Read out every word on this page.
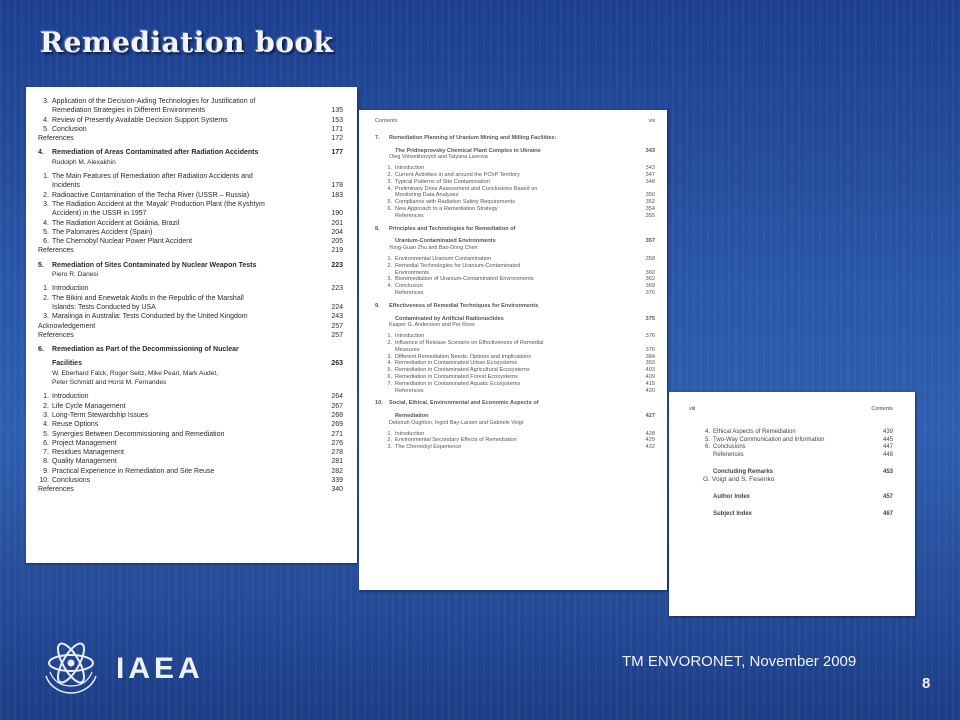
Remediation book
3. Application of the Decision-Aiding Technologies for Justification of
Remediation Strategies in Different Environments	135
4. Review of Presently Available Decision Support Systems	153
5. Conclusion	171
References	172
4.	Remediation of Areas Contaminated after Radiation Accidents	177
Rudolph M. Alexakhin
1. The Main Features of Remediation after Radiation Accidents and
Incidents	178
2. Radioactive Contamination of the Techa River (USSR – Russia)	183
3. The Radiation Accident at the 'Mayak' Production Plant (the Kyshtym
Accident) in the USSR in 1957	190
4. The Radiation Accident at Goiânia, Brazil	201
5. The Palomares Accident (Spain)	204
6. The Chernobyl Nuclear Power Plant Accident	205
References	219
5.	Remediation of Sites Contaminated by Nuclear Weapon Tests	223
Piero R. Danesi
1. Introduction	223
2. The Bikini and Enewetak Atolls in the Republic of the Marshall
Islands: Tests Conducted by USA	224
3. Maralinga in Australia: Tests Conducted by the United Kingdom	243
Acknowledgement	257
References	257
6.	Remediation as Part of the Decommissioning of Nuclear
Facilities	263
W. Eberhard Falck, Roger Seitz, Mike Pearl, Mark Audet,
Peter Schmidt and Horst M. Fernandes
1. Introduction	264
2. Life Cycle Management	267
3. Long-Term Stewardship Issues	268
4. Reuse Options	269
5. Synergies Between Decommissioning and Remediation	271
6. Project Management	276
7. Residues Management	278
8. Quality Management	281
9. Practical Experience in Remediation and Site Reuse	282
10. Conclusions	339
References	340
Contents	viii
7.	Remediation Planning of Uranium Mining and Milling Facilities:
The Pridneprovsky Chemical Plant Complex in Ukraine	343
Oleg Voitsekhovych and Tatyana Lavrova
1. Introduction	343
2. Current Activities in and around the PChP Territory	347
3. Typical Patterns of Site Contamination	348
4. Preliminary Dose Assessment and Conclusions Based on
Monitoring Data Analyses	350
5. Compliance with Radiation Safety Requirements	352
6. New Approach to a Remediation Strategy	354
References	355
8.	Principles and Technologies for Remediation of
Uranium-Contaminated Environments	357
Yong-Guan Zhu and Bao-Dong Chen
1. Environmental Uranium Contamination	358
2. Remedial Technologies for Uranium-Contaminated
Environments	360
3. Bioremediation of Uranium-Contaminated Environments	362
4. Conclusion	369
References	370
9.	Effectiveness of Remedial Techniques for Environments
Contaminated by Artificial Radionuclides	375
Kasper G. Andersson and Per Roos
1. Introduction	376
2. Influence of Release Scenario on Effectiveness of Remedial
Measures	376
3. Different Remediation Needs: Options and Implications	384
4. Remediation in Contaminated Urban Ecosystems	393
5. Remediation in Contaminated Agricultural Ecosystems	403
6. Remediation in Contaminated Forest Ecosystems	409
7. Remediation in Contaminated Aquatic Ecosystems	415
References	420
10.	Social, Ethical, Environmental and Economic Aspects of
Remediation	427
Deborah Oughton, Ingrid Bay-Larsen and Gabriele Voigt
1. Introduction	428
2. Environmental Secondary Effects of Remediation	429
3. The Chernobyl Experience	432
viii	Contents
4. Ethical Aspects of Remediation	439
5. Two-Way Communication and Information	445
6. Conclusions	447
References	448
Concluding Remarks	453
G. Voigt and S. Fesenko
Author Index	457
Subject Index	467

IAEA	TM ENVORONET, November 2009
8
